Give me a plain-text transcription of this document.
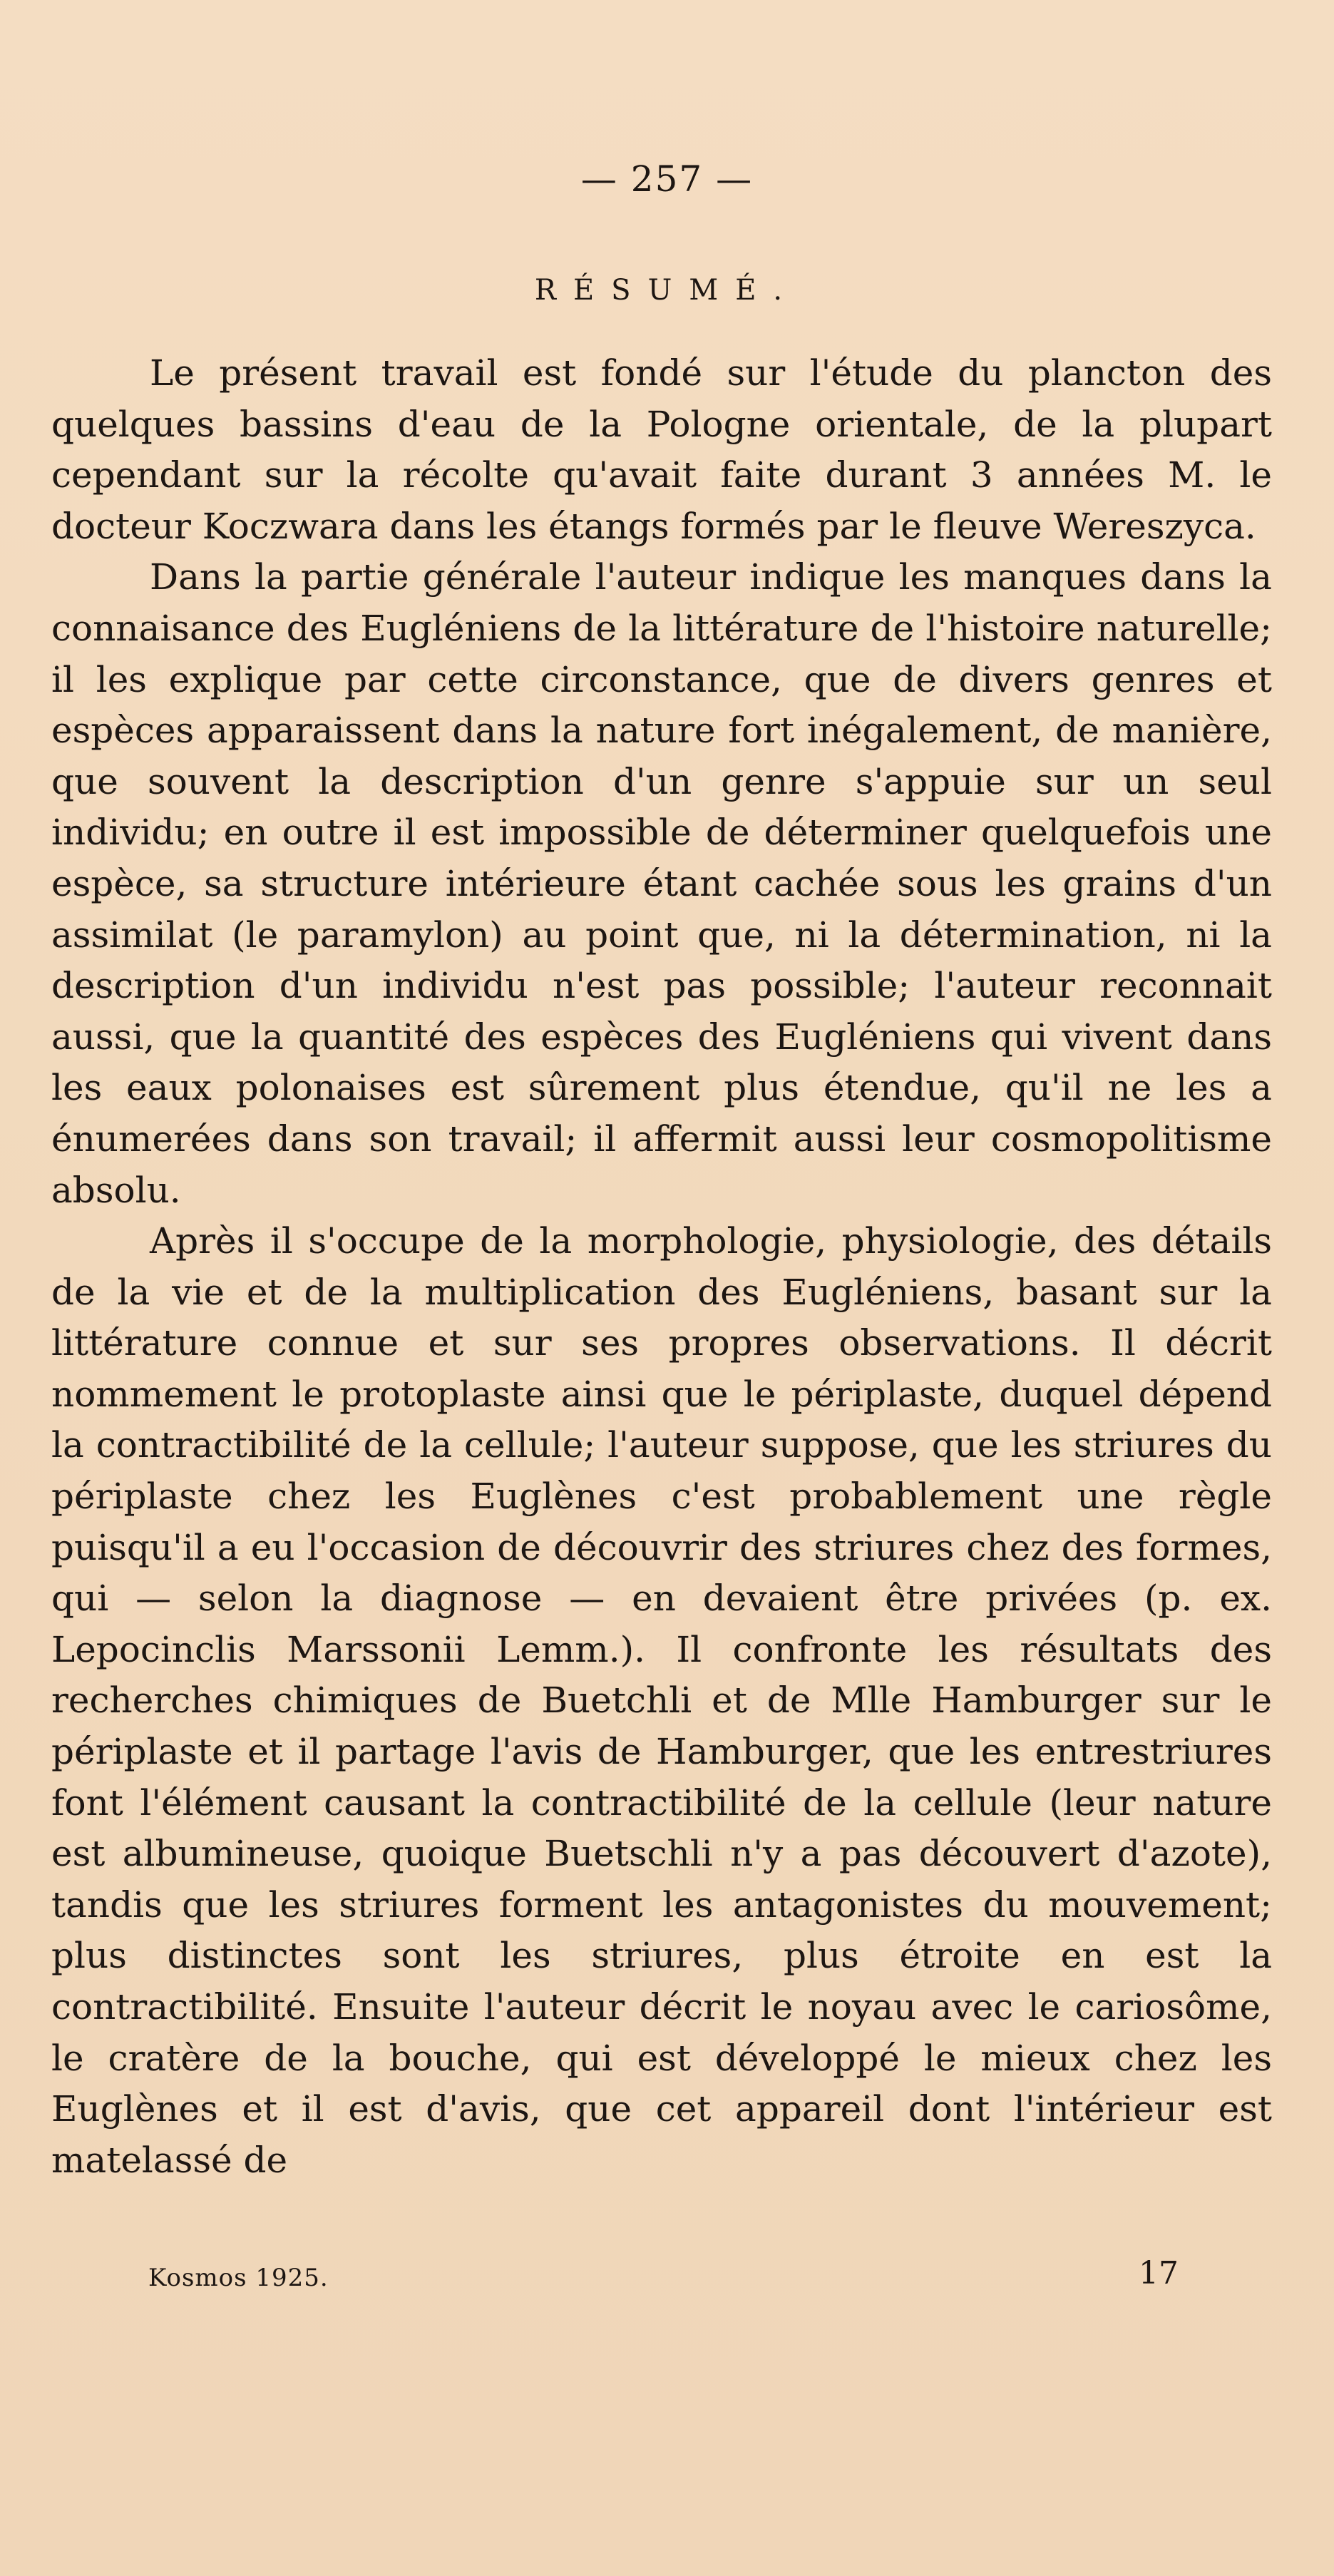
— 257 —
RÉSUMÉ.

Le présent travail est fondé sur l'étude du plancton des quelques bassins d'eau de la Pologne orientale, de la plupart cependant sur la récolte qu'avait faite durant 3 années M. le docteur Koczwara dans les étangs formés par le fleuve Wereszyca.

Dans la partie générale l'auteur indique les manques dans la connaisance des Eugléniens de la littérature de l'histoire naturelle; il les explique par cette circonstance, que de divers genres et espèces apparaissent dans la nature fort inégalement, de manière, que souvent la description d'un genre s'appuie sur un seul individu; en outre il est impossible de déterminer quelquefois une espèce, sa structure intérieure étant cachée sous les grains d'un assimilat (le paramylon) au point que, ni la détermination, ni la description d'un individu n'est pas possible; l'auteur reconnait aussi, que la quantité des espèces des Eugléniens qui vivent dans les eaux polonaises est sûrement plus étendue, qu'il ne les a énumerées dans son travail; il affermit aussi leur cosmopolitisme absolu.

Après il s'occupe de la morphologie, physiologie, des détails de la vie et de la multiplication des Eugléniens, basant sur la littérature connue et sur ses propres observations. Il décrit nommement le protoplaste ainsi que le périplaste, duquel dépend la contractibilité de la cellule; l'auteur suppose, que les striures du périplaste chez les Euglènes c'est probablement une règle puisqu'il a eu l'occasion de découvrir des striures chez des formes, qui — selon la diagnose — en devaient être privées (p. ex. Lepocinclis Marssonii Lemm.). Il confronte les résultats des recherches chimiques de Buetchli et de Mlle Hamburger sur le périplaste et il partage l'avis de Hamburger, que les entrestriures font l'élément causant la contractibilité de la cellule (leur nature est albumineuse, quoique Buetschli n'y a pas découvert d'azote), tandis que les striures forment les antagonistes du mouvement; plus distinctes sont les striures, plus étroite en est la contractibilité. Ensuite l'auteur décrit le noyau avec le cariosôme, le cratère de la bouche, qui est développé le mieux chez les Euglènes et il est d'avis, que cet appareil dont l'intérieur est matelassé de

Kosmos 1925.	17
